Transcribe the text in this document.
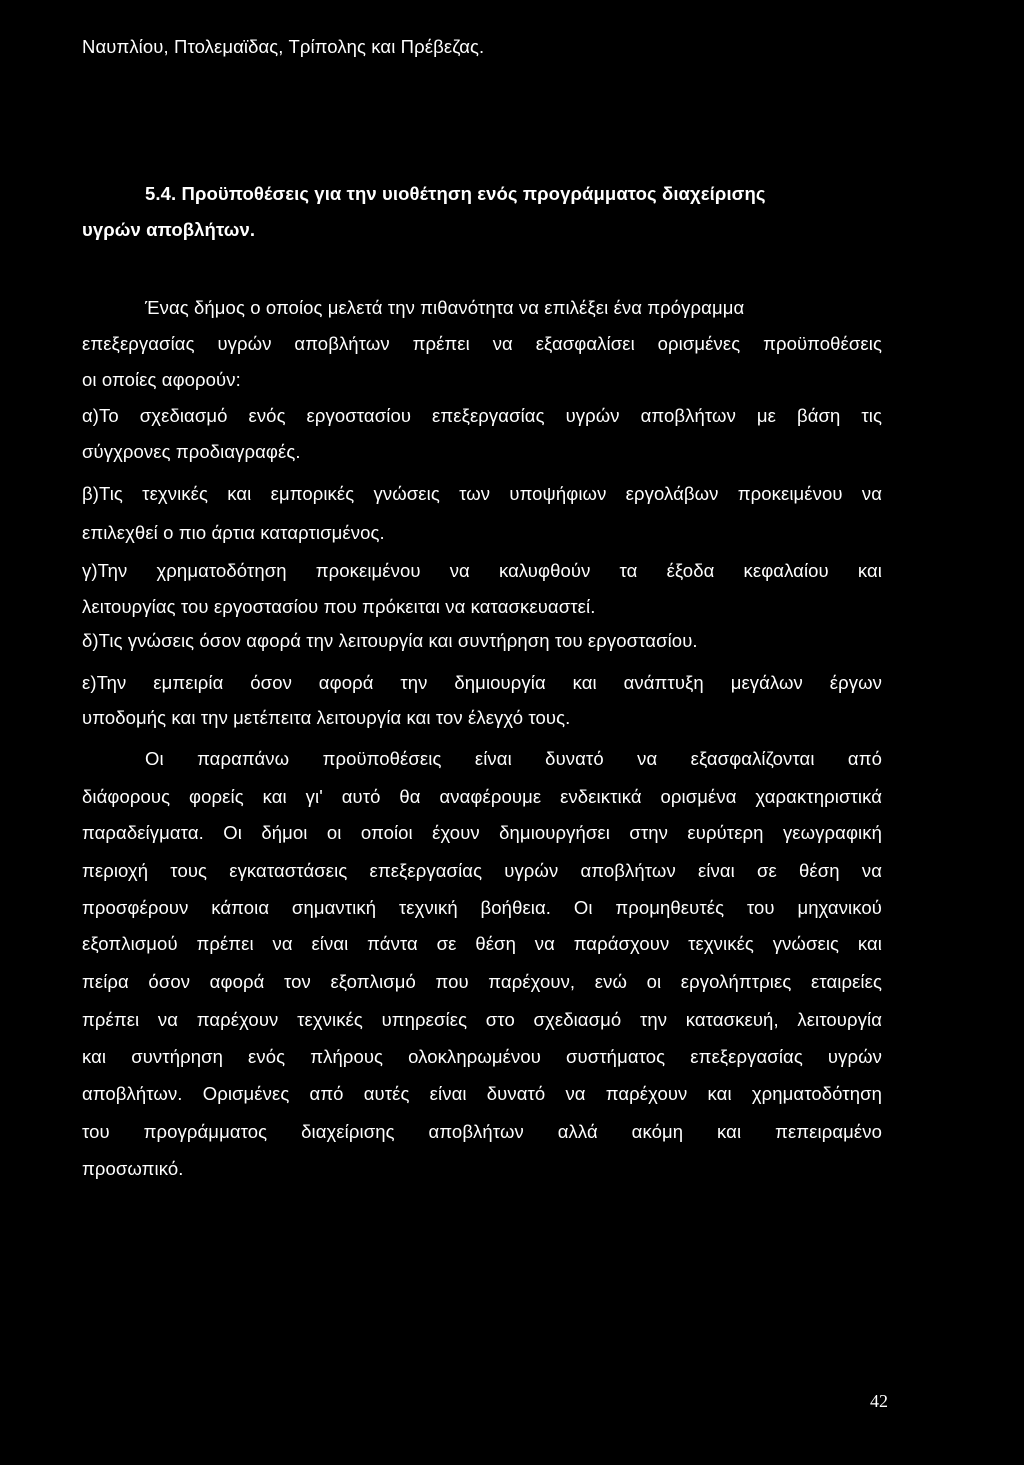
Ναυπλίου, Πτολεμαϊδας, Τρίπολης και Πρέβεζας.
5.4. Προϋποθέσεις για την υιοθέτηση ενός προγράμματος διαχείρισης
υγρών αποβλήτων.
Ένας δήμος ο οποίος μελετά την πιθανότητα να επιλέξει ένα πρόγραμμα
επεξεργασίας υγρών αποβλήτων πρέπει να εξασφαλίσει ορισμένες προϋποθέσεις
οι οποίες αφορούν:
α)Το σχεδιασμό ενός εργοστασίου επεξεργασίας υγρών αποβλήτων με βάση τις
σύγχρονες προδιαγραφές.
β)Τις τεχνικές και εμπορικές γνώσεις των υποψήφιων εργολάβων προκειμένου να
επιλεχθεί ο πιο άρτια καταρτισμένος.
γ)Την χρηματοδότηση προκειμένου να καλυφθούν τα έξοδα κεφαλαίου και
λειτουργίας του εργοστασίου που πρόκειται να κατασκευαστεί.
δ)Τις γνώσεις όσον αφορά την λειτουργία και συντήρηση του εργοστασίου.
ε)Την εμπειρία όσον αφορά την δημιουργία και ανάπτυξη μεγάλων έργων
υποδομής και την μετέπειτα λειτουργία και τον έλεγχό τους.
Οι παραπάνω προϋποθέσεις είναι δυνατό να εξασφαλίζονται από
διάφορους φορείς και γι' αυτό θα αναφέρουμε ενδεικτικά ορισμένα χαρακτηριστικά
παραδείγματα. Οι δήμοι οι οποίοι έχουν δημιουργήσει στην ευρύτερη γεωγραφική
περιοχή τους εγκαταστάσεις επεξεργασίας υγρών αποβλήτων είναι σε θέση να
προσφέρουν κάποια σημαντική τεχνική βοήθεια. Οι προμηθευτές του μηχανικού
εξοπλισμού πρέπει να είναι πάντα σε θέση να παράσχουν τεχνικές γνώσεις και
πείρα όσον αφορά τον εξοπλισμό που παρέχουν, ενώ οι εργολήπτριες εταιρείες
πρέπει να παρέχουν τεχνικές υπηρεσίες στο σχεδιασμό την κατασκευή, λειτουργία
και συντήρηση ενός πλήρους ολοκληρωμένου συστήματος επεξεργασίας υγρών
αποβλήτων. Ορισμένες από αυτές είναι δυνατό να παρέχουν και χρηματοδότηση
του προγράμματος διαχείρισης αποβλήτων αλλά ακόμη και πεπειραμένο
προσωπικό.
42
